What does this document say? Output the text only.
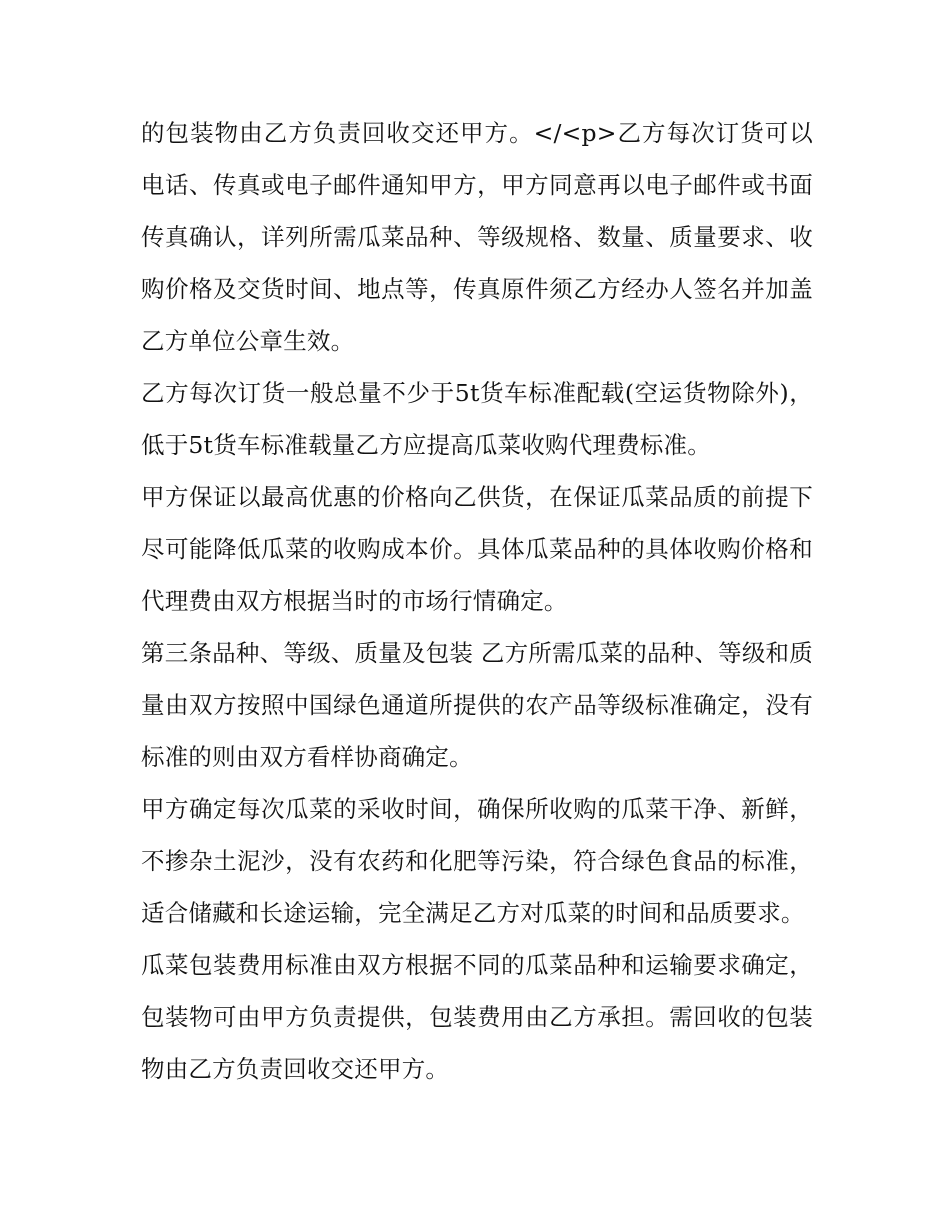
的包装物由乙方负责回收交还甲方。</<p>乙方每次订货可以电话、传真或电子邮件通知甲方，甲方同意再以电子邮件或书面传真确认，详列所需瓜菜品种、等级规格、数量、质量要求、收购价格及交货时间、地点等，传真原件须乙方经办人签名并加盖乙方单位公章生效。

乙方每次订货一般总量不少于5t货车标准配载(空运货物除外)，低于5t货车标准载量乙方应提高瓜菜收购代理费标准。

甲方保证以最高优惠的价格向乙供货，在保证瓜菜品质的前提下尽可能降低瓜菜的收购成本价。具体瓜菜品种的具体收购价格和代理费由双方根据当时的市场行情确定。

第三条品种、等级、质量及包装 乙方所需瓜菜的品种、等级和质量由双方按照中国绿色通道所提供的农产品等级标准确定，没有标准的则由双方看样协商确定。

甲方确定每次瓜菜的采收时间，确保所收购的瓜菜干净、新鲜，不掺杂土泥沙，没有农药和化肥等污染，符合绿色食品的标准，适合储藏和长途运输，完全满足乙方对瓜菜的时间和品质要求。

瓜菜包装费用标准由双方根据不同的瓜菜品种和运输要求确定，包装物可由甲方负责提供，包装费用由乙方承担。需回收的包装物由乙方负责回收交还甲方。
